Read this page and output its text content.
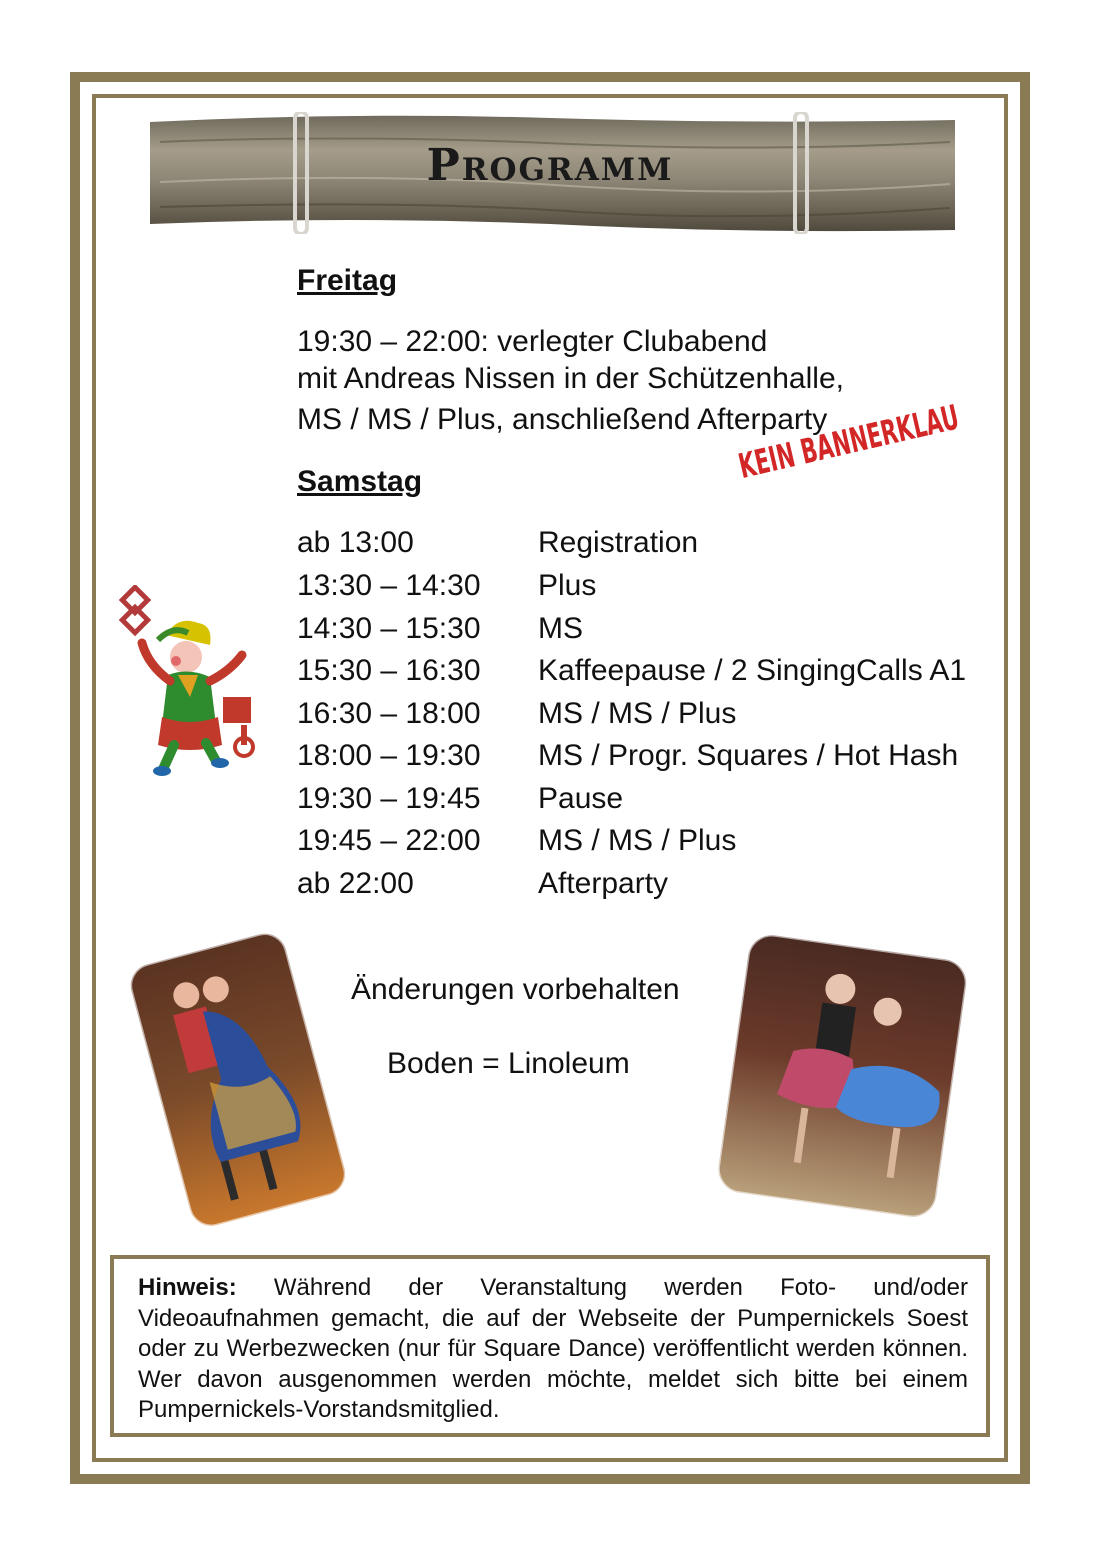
Programm
Freitag
19:30 – 22:00: verlegter Clubabend
mit Andreas Nissen in der Schützenhalle,
MS / MS / Plus, anschließend Afterparty
Samstag	KEIN BANNERKLAU
ab 13:00	Registration
13:30 – 14:30 Plus
14:30 – 15:30 MS
15:30 – 16:30 Kaffeepause / 2 SingingCalls A1
16:30 – 18:00 MS / MS / Plus
18:00 – 19:30 MS / Progr. Squares / Hot Hash
19:30 – 19:45 Pause
19:45 – 22:00 MS / MS / Plus
ab 22:00	Afterparty
Änderungen vorbehalten
Boden = Linoleum
Hinweis: Während der Veranstaltung werden Foto- und/oder Videoaufnahmen gemacht, die auf der Webseite der Pumpernickels Soest oder zu Werbezwecken (nur für Square Dance) veröffentlicht werden können. Wer davon ausgenommen werden möchte, meldet sich bitte bei einem Pumpernickels-Vorstandsmitglied.
